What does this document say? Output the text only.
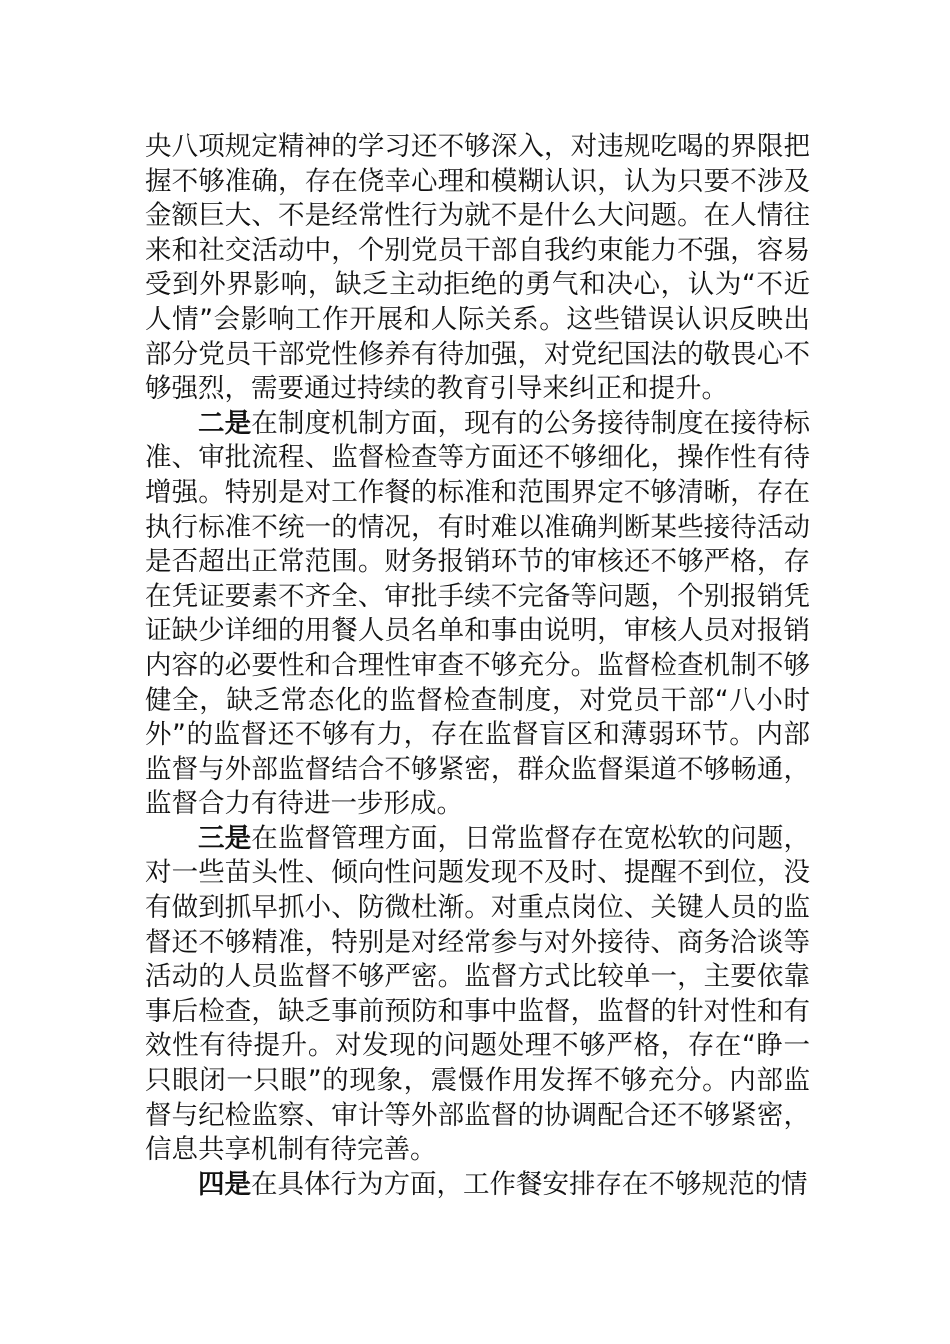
央八项规定精神的学习还不够深入，对违规吃喝的界限把握不够准确，存在侥幸心理和模糊认识，认为只要不涉及金额巨大、不是经常性行为就不是什么大问题。在人情往来和社交活动中，个别党员干部自我约束能力不强，容易受到外界影响，缺乏主动拒绝的勇气和决心，认为“不近人情”会影响工作开展和人际关系。这些错误认识反映出部分党员干部党性修养有待加强，对党纪国法的敬畏心不够强烈，需要通过持续的教育引导来纠正和提升。

二是在制度机制方面，现有的公务接待制度在接待标准、审批流程、监督检查等方面还不够细化，操作性有待增强。特别是对工作餐的标准和范围界定不够清晰，存在执行标准不统一的情况，有时难以准确判断某些接待活动是否超出正常范围。财务报销环节的审核还不够严格，存在凭证要素不齐全、审批手续不完备等问题，个别报销凭证缺少详细的用餐人员名单和事由说明，审核人员对报销内容的必要性和合理性审查不够充分。监督检查机制不够健全，缺乏常态化的监督检查制度，对党员干部“八小时外”的监督还不够有力，存在监督盲区和薄弱环节。内部监督与外部监督结合不够紧密，群众监督渠道不够畅通，监督合力有待进一步形成。

三是在监督管理方面，日常监督存在宽松软的问题，对一些苗头性、倾向性问题发现不及时、提醒不到位，没有做到抓早抓小、防微杜渐。对重点岗位、关键人员的监督还不够精准，特别是对经常参与对外接待、商务洽谈等活动的人员监督不够严密。监督方式比较单一，主要依靠事后检查，缺乏事前预防和事中监督，监督的针对性和有效性有待提升。对发现的问题处理不够严格，存在“睁一只眼闭一只眼”的现象，震慑作用发挥不够充分。内部监督与纪检监察、审计等外部监督的协调配合还不够紧密，信息共享机制有待完善。

四是在具体行为方面，工作餐安排存在不够规范的情
